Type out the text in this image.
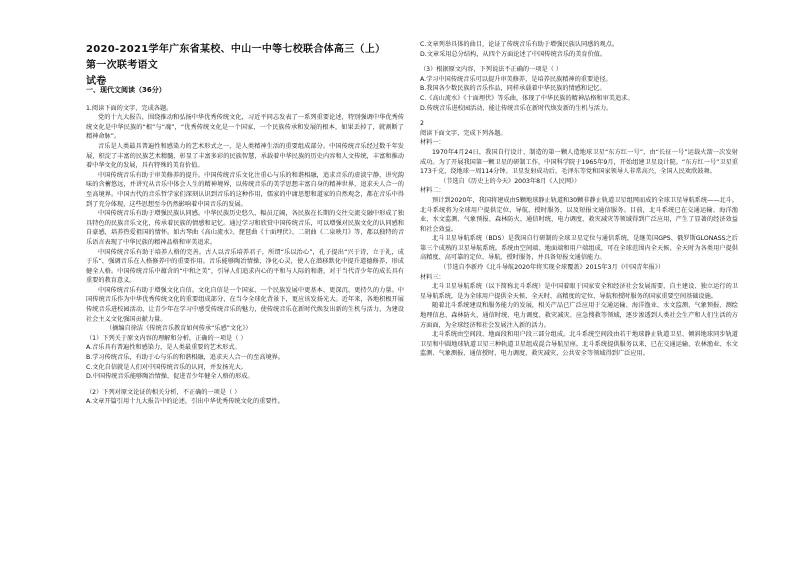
2020-2021学年广东省某校、中山一中等七校联合体高三（上）第一次联考语文
试卷
一、现代文阅读（36分）

1.阅读下面的文字，完成各题。

党的十九大报告，围绕推动和弘扬中华优秀传统文化，习近平同志发表了一系列重要论述，特别强调中华优秀传统文化是中华民族的“根”与“魂”，“优秀传统文化是一个国家、一个民族传承和发展的根本，如果丢掉了，就割断了精神命脉”。

音乐是人类最具普遍性和感染力的艺术形式之一，是人类精神生活的重要组成部分。中国传统音乐经过数千年发展，积淀了丰富的民族艺术精髓，彰显了丰富多彩的民族智慧，承载着中华民族的历史内容和人文传统，丰富和推动着中华文化的发展，具有特殊的美育价值。

中国传统音乐有助于审美修养的提升。中国传统音乐文化注重心与乐的和谐相融，追求音乐的虚淡宁静，讲究韵味的含蓄悠远，并讲究从音乐中体会人生的精神境界，以传统音乐的美学思想丰富自身的精神世界，追求天人合一的至高境界。中国古代的音乐哲学家们深刻认识到音乐的这种作用，儒家的中庸思想和道家的自然观念，都在音乐中得到了充分体现，这些思想至今仍然影响着中国音乐的发展。

中国传统音乐有助于增强民族认同感。中华民族历史悠久，幅员辽阔，各民族在长期的交往交流交融中形成了独具特色的民族音乐文化，传承着民族的情感和记忆。通过学习和欣赏中国传统音乐，可以增强对民族文化的认同感和自豪感，培养热爱祖国的情怀。如古琴曲《高山流水》、琵琶曲《十面埋伏》、二胡曲《二泉映月》等，都以独特的音乐语言表现了中华民族的精神品格和审美追求。

中国传统音乐有助于培养人格的完善。古人以音乐培养君子，所谓“乐以治心”，孔子提出“兴于诗，立于礼，成于乐”，强调音乐在人格修养中的重要作用。音乐能够陶冶情操，净化心灵，使人在潜移默化中提升道德修养，形成健全人格。中国传统音乐中蕴含的“中和之美”，引导人们追求内心的平和与人际的和谐，对于当代青少年的成长具有重要的教育意义。

中国传统音乐有助于增强文化自信。文化自信是一个国家、一个民族发展中更基本、更深沉、更持久的力量。中国传统音乐作为中华优秀传统文化的重要组成部分，在当今全球化背景下，更应该发扬光大。近年来，各地积极开展传统音乐进校园活动，让青少年在学习中感受传统音乐的魅力，使传统音乐在新时代焕发出新的生机与活力，为建设社会主义文化强国贡献力量。

（摘编自徐洁《传统音乐教育如何传承“乐感”文化》）

（1）下列关于原文内容的理解和分析，正确的一项是（ ）

A.音乐具有普遍性和感染力，是人类最重要的艺术形式。

B.学习传统音乐，有助于心与乐的和谐相融，追求天人合一的至高境界。

C.文化自信就是人们对中国传统音乐的认同，并发扬光大。

D.中国传统音乐能够陶冶情操，促进青少年健全人格的形成。

（2）下列对原文论证的相关分析，不正确的一项是（ ）

A.文章开篇引用十九大报告中的论述，引出中华优秀传统文化的重要性。

C.文章列举具体的曲目，论证了传统音乐有助于增强民族认同感的观点。

D.文章采用总分结构，从四个方面论述了中国传统音乐的美育价值。

（3）根据原文内容，下列说法不正确的一项是（ ）

A.学习中国传统音乐可以提升审美修养，是培养民族精神的重要途径。

B.我国各少数民族的音乐作品，同样承载着中华民族的情感和记忆。

C.《高山流水》《十面埋伏》等乐曲，体现了中华民族的精神品格和审美追求。

D.传统音乐进校园活动，能让传统音乐在新时代焕发新的生机与活力。

2

阅读下面文字，完成下列各题。

材料一：

1970年4月24日，我国自行设计、制造的第一颗人造地球卫星“东方红一号”，由“长征一号”运载火箭一次发射成功。为了开展我国第一颗卫星的研制工作，中国科学院于1965年9月，开始组建卫星设计院。“东方红一号”卫星重173千克，绕地球一周114分钟。卫星发射成功后，毛泽东等党和国家领导人非常高兴，全国人民欢欣鼓舞。

（节选自《历史上的今天》2003年8月《人民网》）

材料二：

预计到2020年，我国将建成由5颗地球静止轨道和30颗非静止轨道卫星组网而成的全球卫星导航系统——北斗。北斗系统将为全球用户提供定位、导航、授时服务，以及短报文通信服务。目前，北斗系统已在交通运输、海洋渔业、水文监测、气象预报、森林防火、通信时统、电力调度、救灾减灾等领域得到广泛应用，产生了显著的经济效益和社会效益。

北斗卫星导航系统（BDS）是我国自行研制的全球卫星定位与通信系统，是继美国GPS、俄罗斯GLONASS之后第三个成熟的卫星导航系统。系统由空间端、地面端和用户端组成，可在全球范围内全天候、全天时为各类用户提供高精度、高可靠的定位、导航、授时服务，并具备短报文通信能力。

（节选自李新玲《北斗导航2020年将实现全球覆盖》2015年3月《中国青年报》）

材料三：

北斗卫星导航系统（以下简称北斗系统）是中国着眼于国家安全和经济社会发展需要，自主建设、独立运行的卫星导航系统，是为全球用户提供全天候、全天时、高精度的定位、导航和授时服务的国家重要空间基础设施。

随着北斗系统建设和服务能力的发展，相关产品已广泛应用于交通运输、海洋渔业、水文监测、气象预报、测绘地理信息、森林防火、通信时统、电力调度、救灾减灾、应急搜救等领域，逐步渗透到人类社会生产和人们生活的方方面面，为全球经济和社会发展注入新的活力。

北斗系统由空间段、地面段和用户段三部分组成。北斗系统空间段由若干地球静止轨道卫星、倾斜地球同步轨道卫星和中圆地球轨道卫星三种轨道卫星组成混合导航星座。北斗系统提供服务以来，已在交通运输、农林渔业、水文监测、气象测报、通信授时、电力调度、救灾减灾、公共安全等领域得到广泛应用。
